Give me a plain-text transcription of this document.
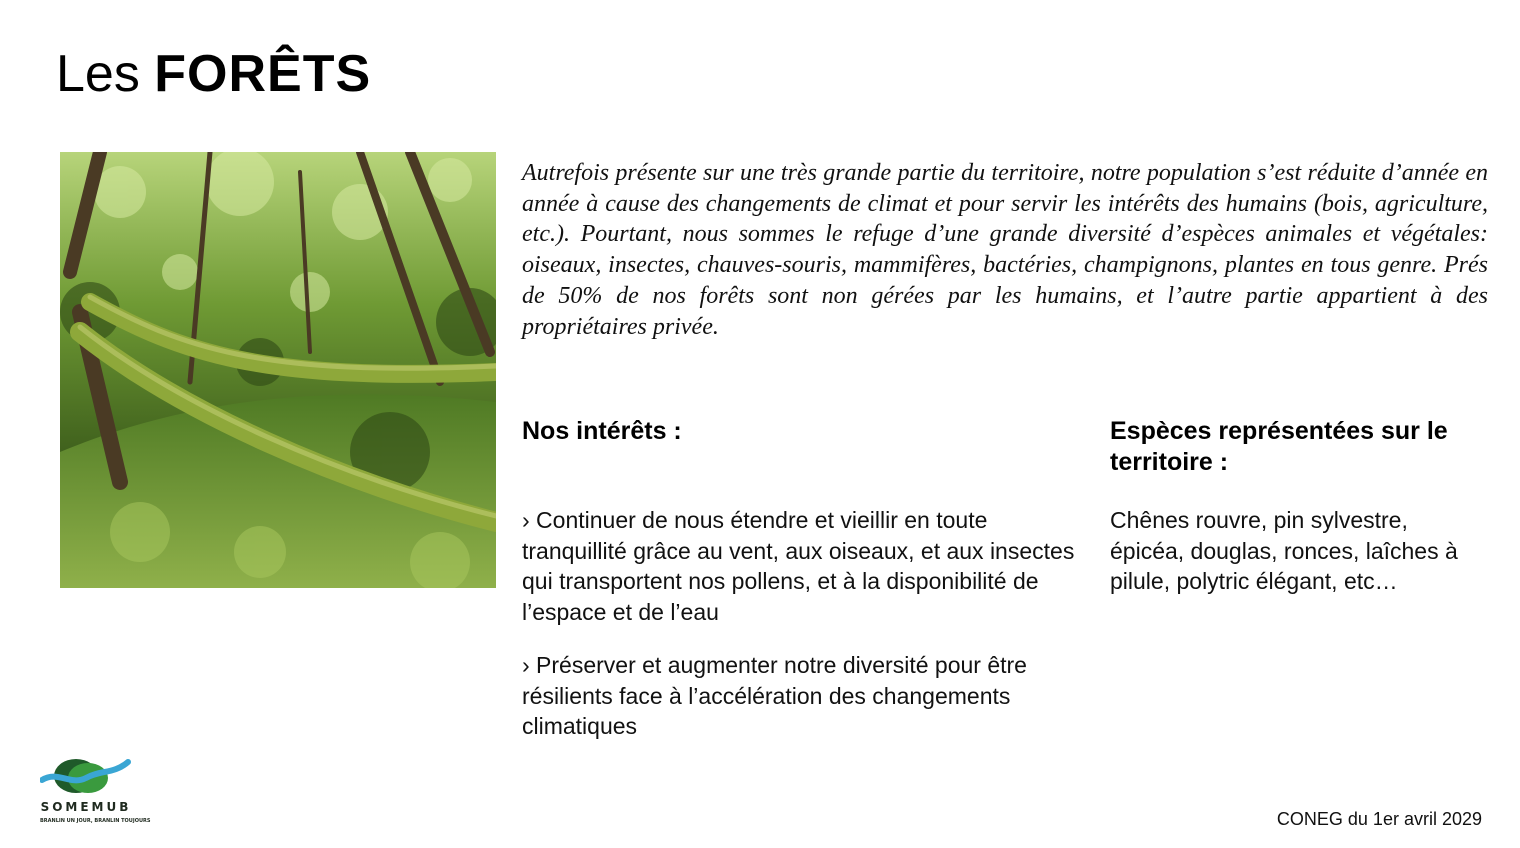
Les FORÊTS

Autrefois présente sur une très grande partie du territoire, notre population s’est réduite d’année en année à cause des changements de climat et pour servir les intérêts des humains (bois, agriculture, etc.). Pourtant, nous sommes le refuge d’une grande diversité d’espèces animales et végétales: oiseaux, insectes, chauves-souris, mammifères, bactéries, champignons, plantes en tous genre. Prés de 50% de nos forêts sont non gérées par les humains, et l’autre partie appartient à des propriétaires privée.

Nos intérêts :	Espèces représentées sur le territoire :

› Continuer de nous étendre et vieillir en toute tranquillité grâce au vent, aux oiseaux, et aux insectes qui transportent nos pollens, et à la disponibilité de l’espace et de l’eau

› Préserver et augmenter notre diversité pour être résilients face à l’accélération des changements climatiques

Chênes rouvre, pin sylvestre, épicéa, douglas, ronces, laîches à pilule, polytric élégant, etc…

SOMEMUB
BRANLIN UN JOUR, BRANLIN TOUJOURS	CONEG du 1er avril 2029
